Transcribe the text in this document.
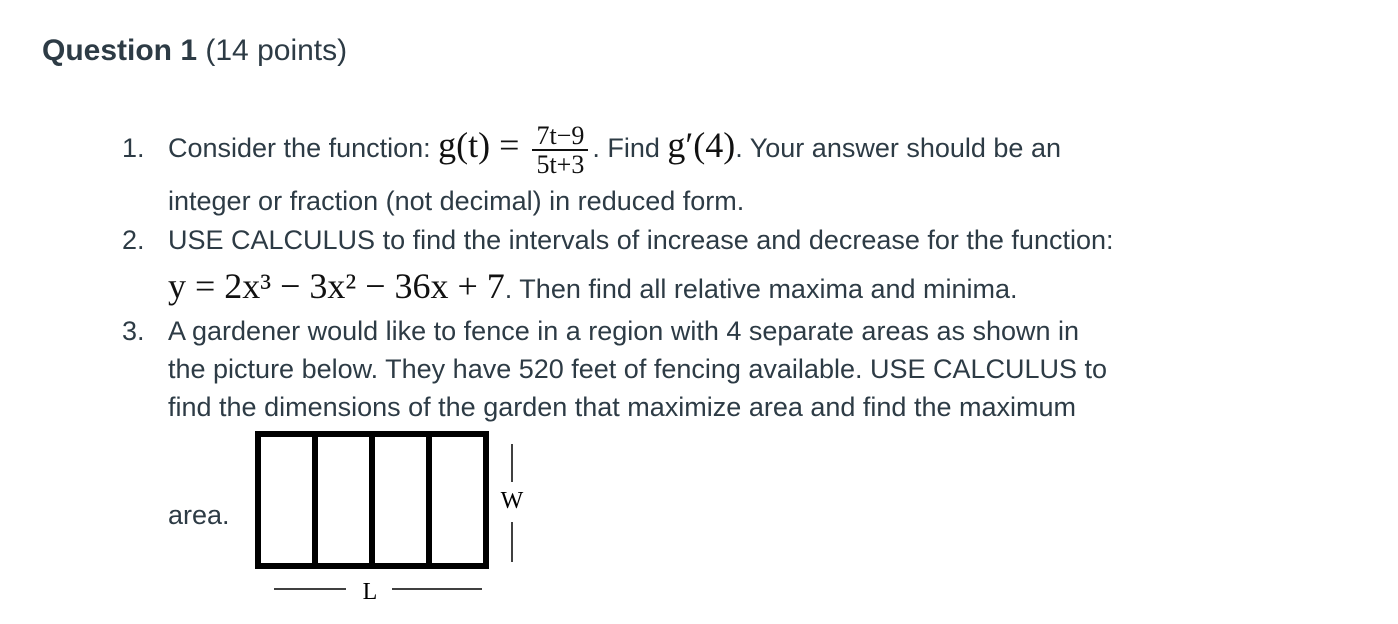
Question 1 (14 points)
1. Consider the function: $g(t) = \frac{7t-9}{5t+3}$ . Find g′(4). Your answer should be an
integer or fraction (not decimal) in reduced form.
2. USE CALCULUS to find the intervals of increase and decrease for the function:
y = 2x³ − 3x² − 36x + 7. Then find all relative maxima and minima.
3. A gardener would like to fence in a region with 4 separate areas as shown in
the picture below. They have 520 feet of fencing available. USE CALCULUS to
find the dimensions of the garden that maximize area and find the maximum
area.	W
L
